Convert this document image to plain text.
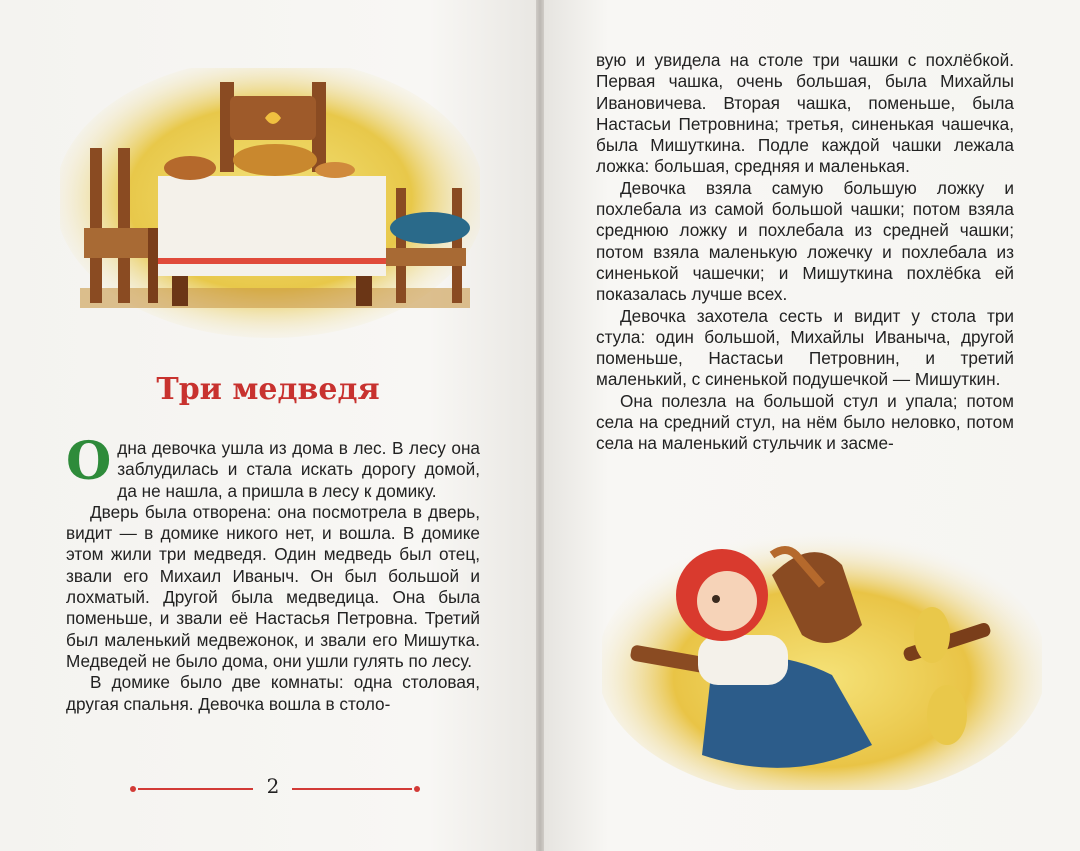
Три медведя

Одна девочка ушла из дома в лес. В лесу она заблудилась и стала искать дорогу домой, да не нашла, а пришла в лесу к домику.

Дверь была отворена: она посмотрела в дверь, видит — в домике никого нет, и вошла. В домике этом жили три медведя. Один медведь был отец, звали его Михаил Иваныч. Он был большой и лохматый. Другой была медведица. Она была поменьше, и звали её Настасья Петровна. Третий был маленький медвежонок, и звали его Мишутка. Медведей не было дома, они ушли гулять по лесу.

В домике было две комнаты: одна столовая, другая спальня. Девочка вошла в столо-

2

вую и увидела на столе три чашки с похлёбкой. Первая чашка, очень большая, была Михайлы Ивановичева. Вторая чашка, поменьше, была Настасьи Петровнина; третья, синенькая чашечка, была Мишуткина. Подле каждой чашки лежала ложка: большая, средняя и маленькая.

Девочка взяла самую большую ложку и похлебала из самой большой чашки; потом взяла среднюю ложку и похлебала из средней чашки; потом взяла маленькую ложечку и похлебала из синенькой чашечки; и Мишуткина похлёбка ей показалась лучше всех.

Девочка захотела сесть и видит у стола три стула: один большой, Михайлы Иваныча, другой поменьше, Настасьи Петровнин, и третий маленький, с синенькой подушечкой — Мишуткин.

Она полезла на большой стул и упала; потом села на средний стул, на нём было неловко, потом села на маленький стульчик и засме-
